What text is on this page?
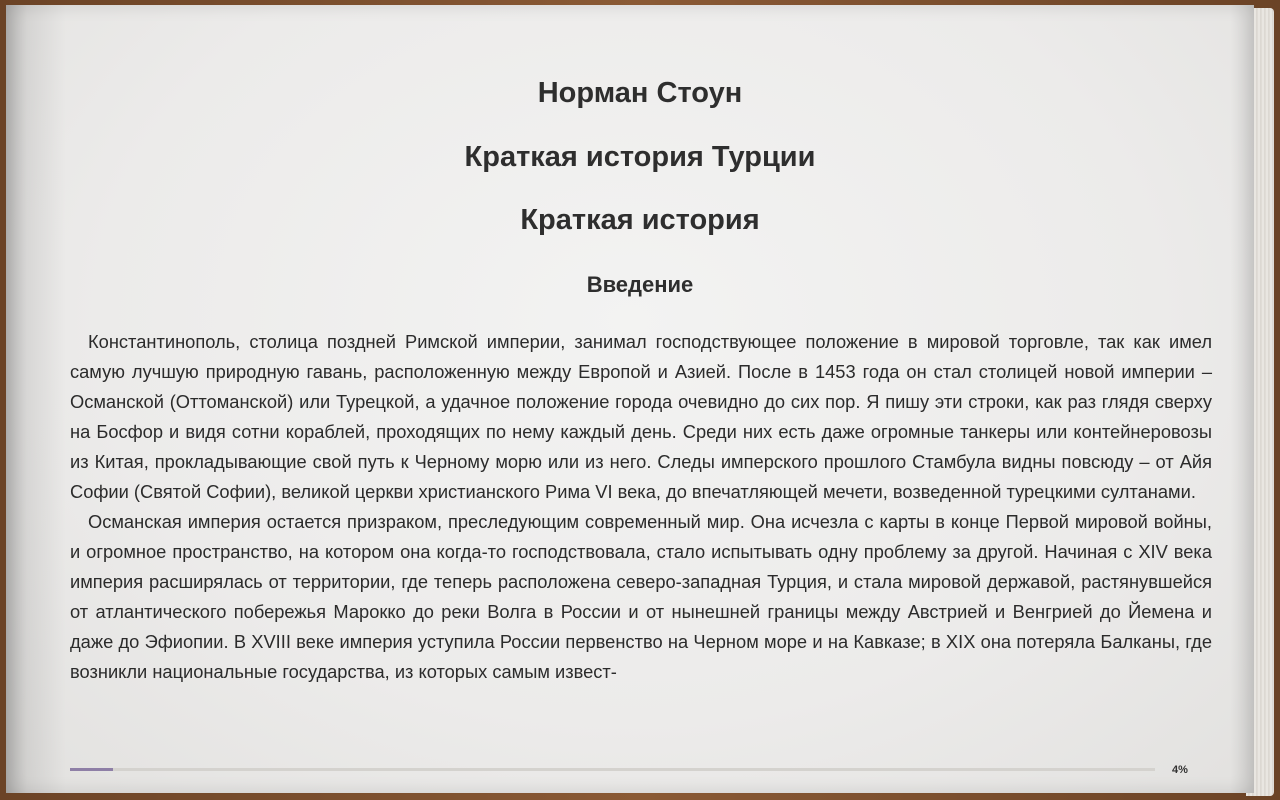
Норман Стоун
Краткая история Турции
Краткая история
Введение

Константинополь, столица поздней Римской империи, занимал господствующее положение в мировой торговле, так как имел самую лучшую природную гавань, расположенную между Европой и Азией. После в 1453 года он стал столицей новой империи – Османской (Оттоманской) или Турецкой, а удачное положение города очевидно до сих пор. Я пишу эти строки, как раз глядя сверху на Босфор и видя сотни кораблей, проходящих по нему каждый день. Среди них есть даже огромные танкеры или контейнеровозы из Китая, прокладывающие свой путь к Черному морю или из него. Следы имперского прошлого Стамбула видны повсюду – от Айя Софии (Святой Софии), великой церкви христианского Рима VI века, до впечатляющей мечети, возведенной турецкими султанами.

Османская империя остается призраком, преследующим современный мир. Она исчезла с карты в конце Первой мировой войны, и огромное пространство, на котором она когда-то господствовала, стало испытывать одну проблему за другой. Начиная с XIV века империя расширялась от территории, где теперь расположена северо-западная Турция, и стала мировой державой, растянувшейся от атлантического побережья Марокко до реки Волга в России и от нынешней границы между Австрией и Венгрией до Йемена и даже до Эфиопии. В XVIII веке империя уступила России первенство на Черном море и на Кавказе; в XIX она потеряла Балканы, где возникли национальные государства, из которых самым извест-

4%
